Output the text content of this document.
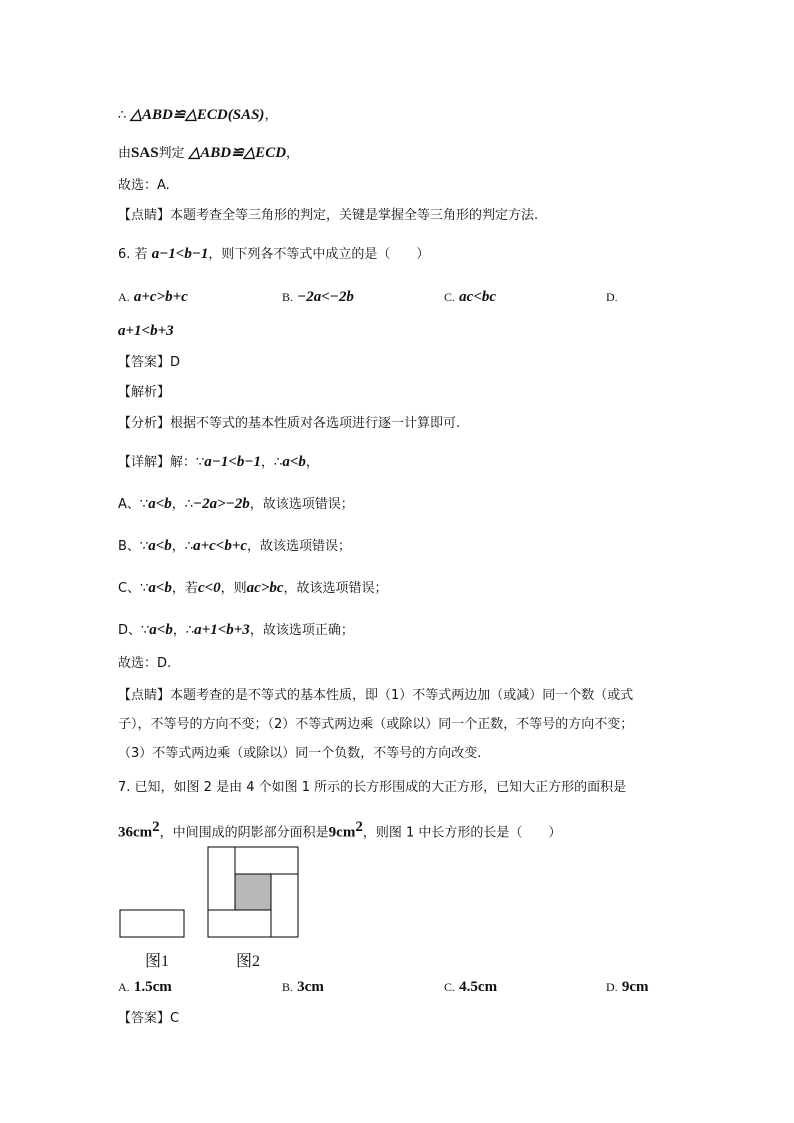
∴ △ABD≌△ECD(SAS)，
由SAS判定 △ABD≌△ECD，
故选：A.
【点睛】本题考查全等三角形的判定，关键是掌握全等三角形的判定方法.
6. 若 a−1<b−1，则下列各不等式中成立的是（　　）
A. a+c>b+c	B. −2a<−2b	C. ac<bc	D.
a+1<b+3
【答案】D
【解析】
【分析】根据不等式的基本性质对各选项进行逐一计算即可.
【详解】解：∵a−1<b−1，∴a<b，
A、∵a<b，∴−2a>−2b，故该选项错误；
B、∵a<b，∴a+c<b+c，故该选项错误；
C、∵a<b，若c<0，则ac>bc，故该选项错误；
D、∵a<b，∴a+1<b+3，故该选项正确；
故选：D.
【点睛】本题考查的是不等式的基本性质，即（1）不等式两边加（或减）同一个数（或式
子），不等号的方向不变；（2）不等式两边乘（或除以）同一个正数，不等号的方向不变；
（3）不等式两边乘（或除以）同一个负数，不等号的方向改变.
7. 已知，如图 2 是由 4 个如图 1 所示的长方形围成的大正方形，已知大正方形的面积是
$36cm^2$，中间围成的阴影部分面积是$9cm^2$，则图 1 中长方形的长是（　　）
图1	图2
A. 1.5cm	B. 3cm	C. 4.5cm	D. 9cm
【答案】C
